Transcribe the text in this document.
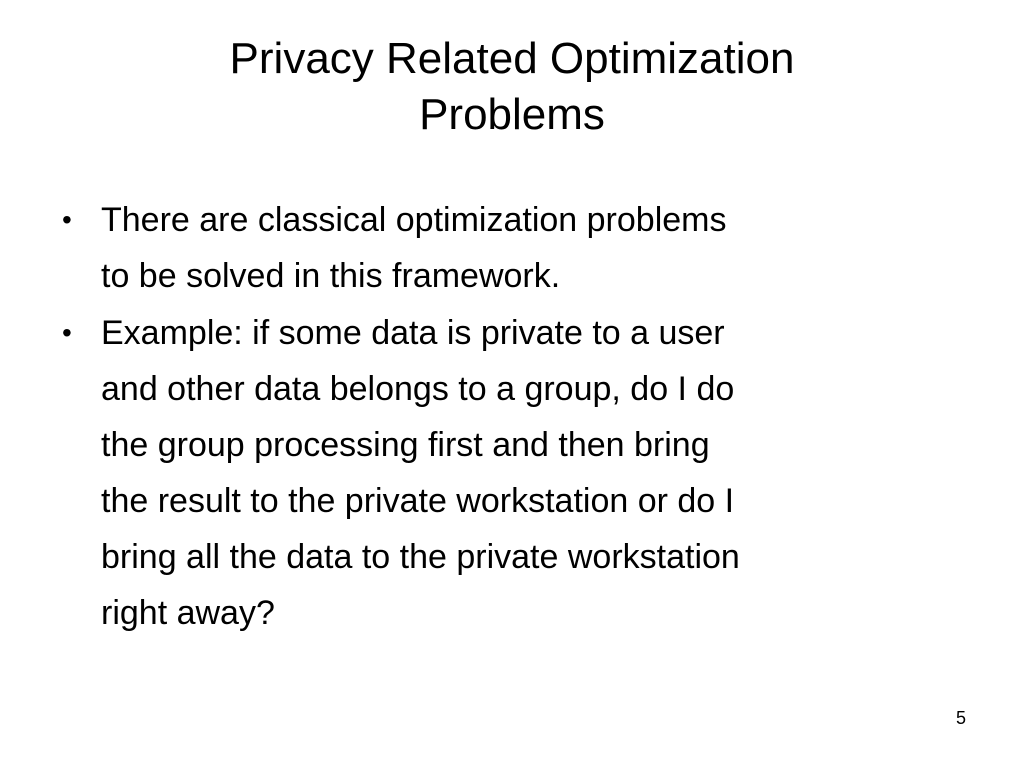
Privacy Related Optimization
Problems
• There are classical optimization problems
to be solved in this framework.
• Example: if some data is private to a user
and other data belongs to a group, do I do
the group processing first and then bring
the result to the private workstation or do I
bring all the data to the private workstation
right away?
5
